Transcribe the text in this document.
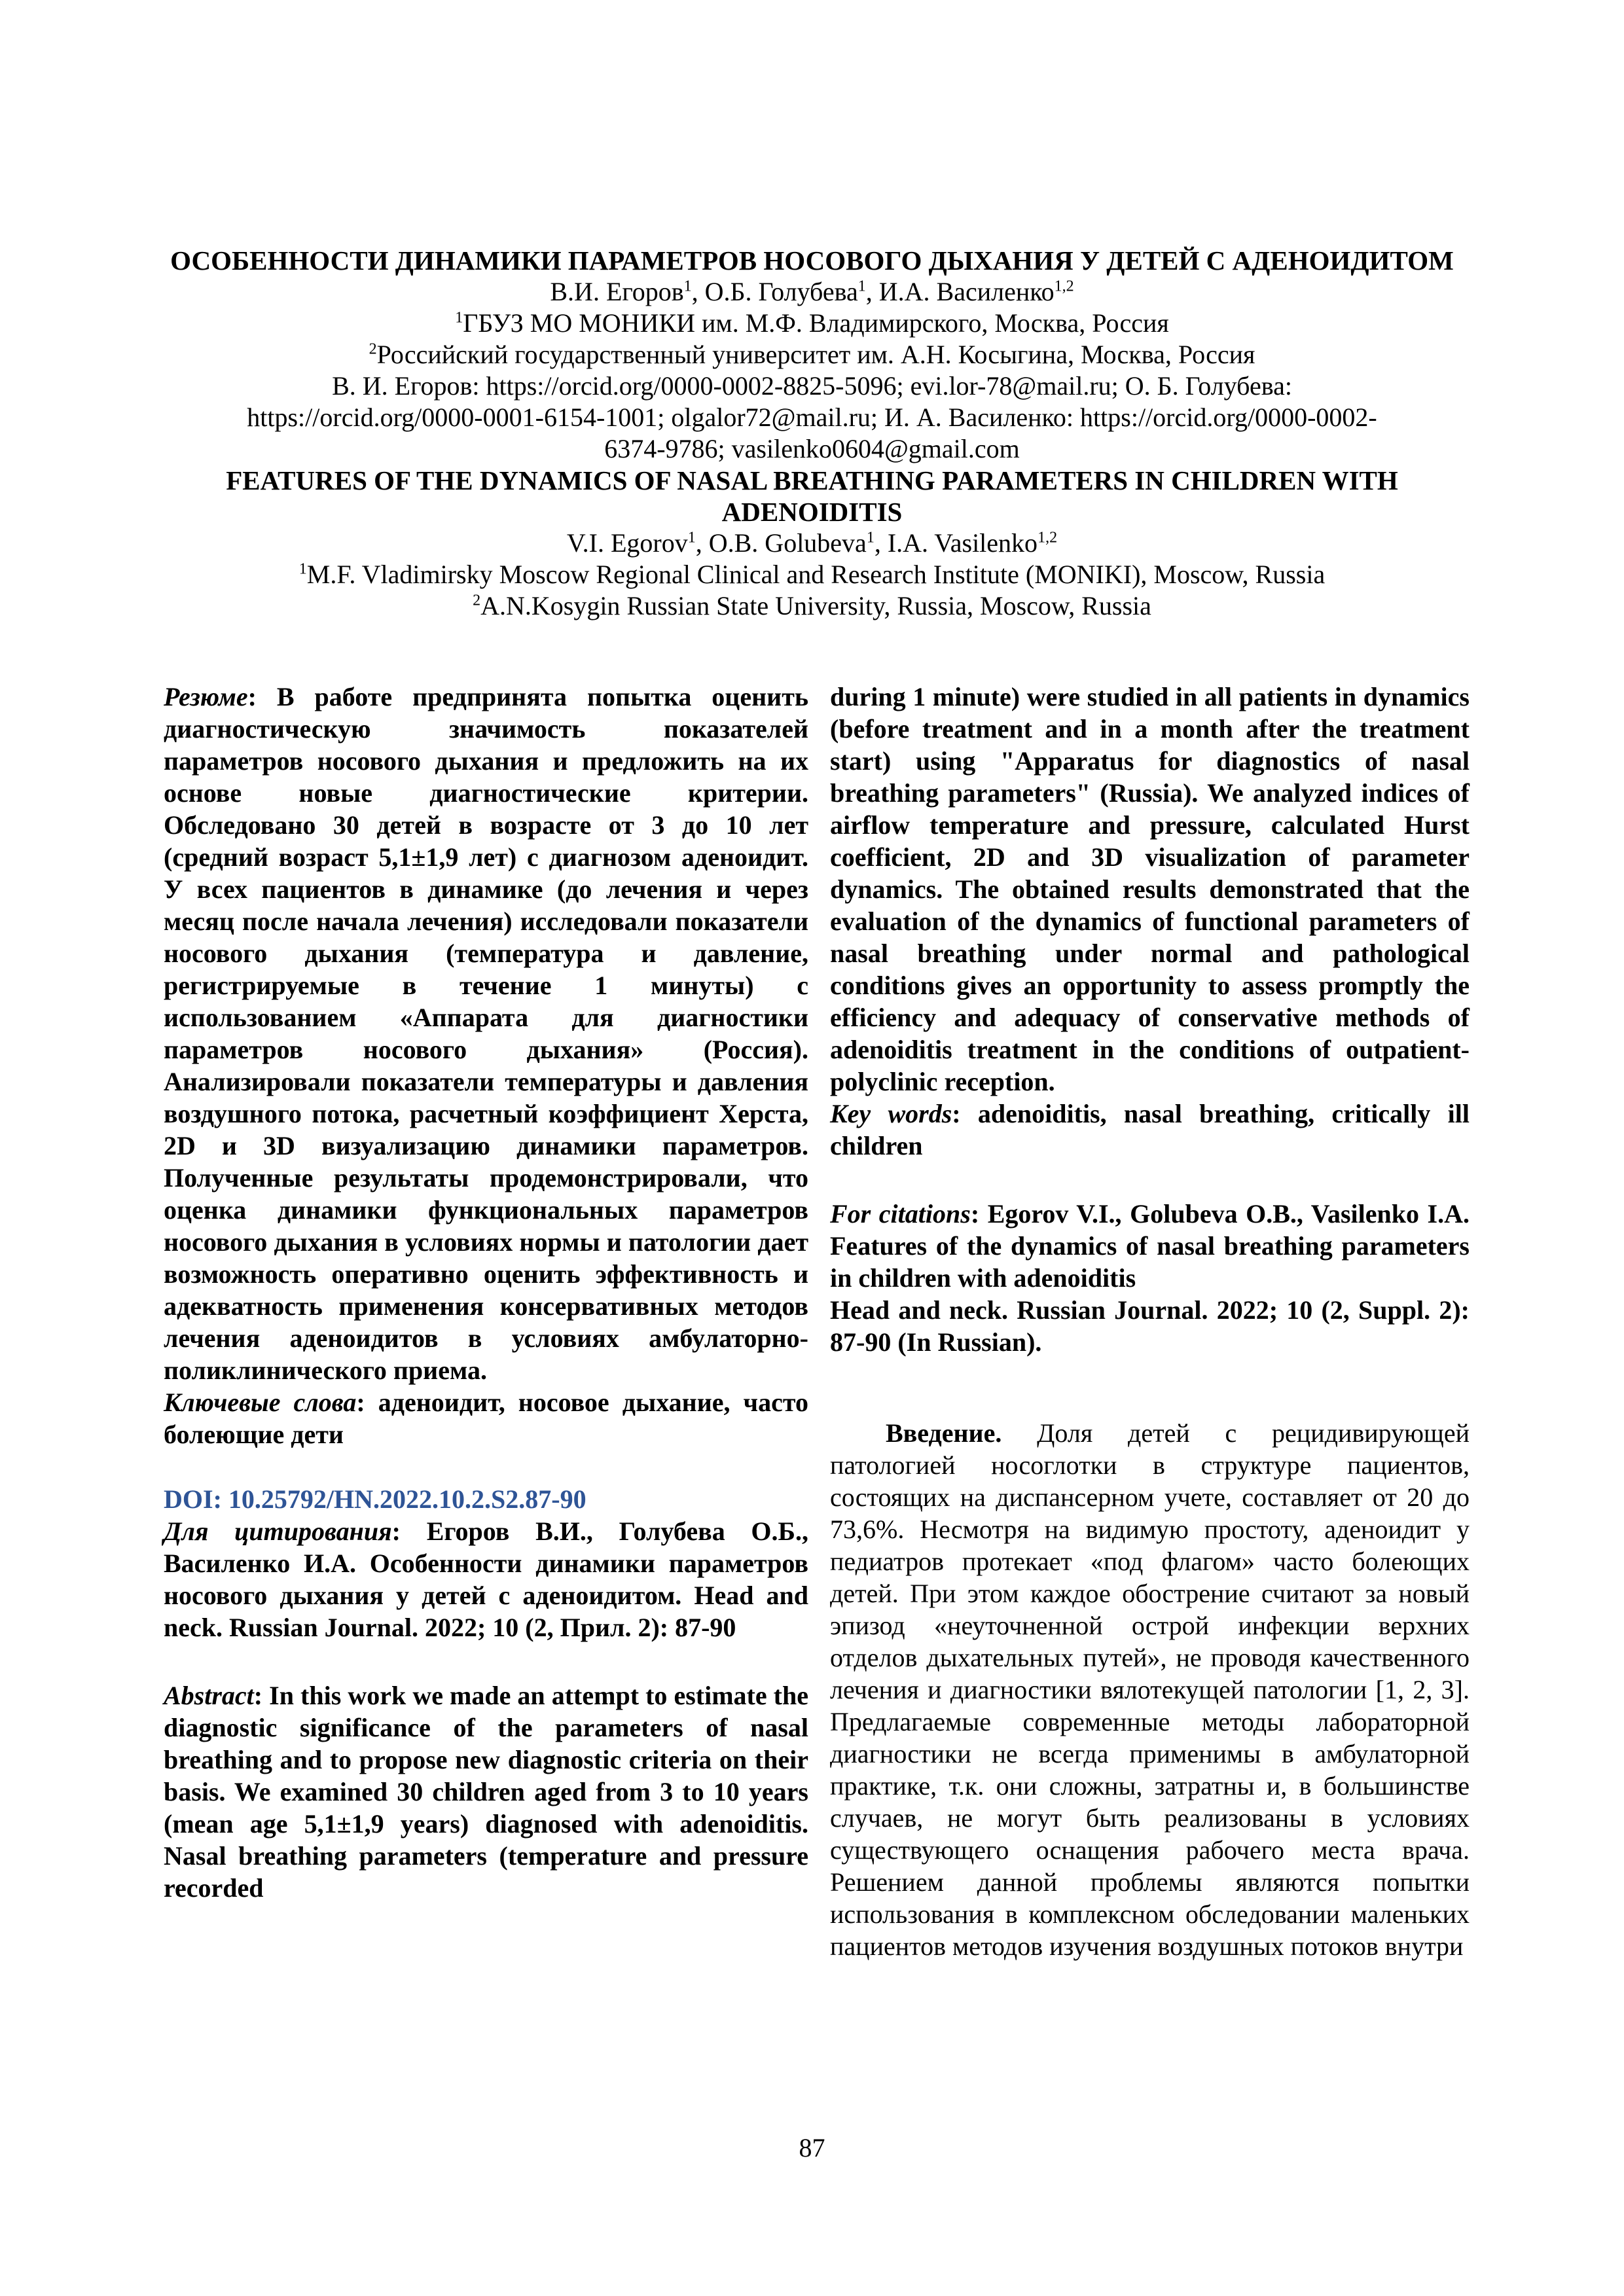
ОСОБЕННОСТИ ДИНАМИКИ ПАРАМЕТРОВ НОСОВОГО ДЫХАНИЯ У ДЕТЕЙ С АДЕНОИДИТОМ
В.И. Егоров$^1$, О.Б. Голубева$^1$, И.А. Василенко$^{1,2}$
$^1$ГБУЗ МО МОНИКИ им. М.Ф. Владимирского, Москва, Россия
$^2$Российский государственный университет им. А.Н. Косыгина, Москва, Россия
В. И. Егоров: https://orcid.org/0000-0002-8825-5096; evi.lor-78@mail.ru; О. Б. Голубева:
https://orcid.org/0000-0001-6154-1001; olgalor72@mail.ru; И. А. Василенко: https://orcid.org/0000-0002-
6374-9786; vasilenko0604@gmail.com
FEATURES OF THE DYNAMICS OF NASAL BREATHING PARAMETERS IN CHILDREN WITH ADENOIDITIS
V.I. Egorov$^1$, O.B. Golubeva$^1$, I.A. Vasilenko$^{1,2}$
$^1$M.F. Vladimirsky Moscow Regional Clinical and Research Institute (MONIKI), Moscow, Russia
$^2$A.N.Kosygin Russian State University, Russia, Moscow, Russia

Резюме: В работе предпринята попытка оценить диагностическую значимость показателей параметров носового дыхания и предложить на их основе новые диагностические критерии. Обследовано 30 детей в возрасте от 3 до 10 лет (средний возраст 5,1±1,9 лет) с диагнозом аденоидит. У всех пациентов в динамике (до лечения и через месяц после начала лечения) исследовали показатели носового дыхания (температура и давление, регистрируемые в течение 1 минуты) с использованием «Аппарата для диагностики параметров носового дыхания» (Россия). Анализировали показатели температуры и давления воздушного потока, расчетный коэффициент Херста, 2D и 3D визуализацию динамики параметров. Полученные результаты продемонстрировали, что оценка динамики функциональных параметров носового дыхания в условиях нормы и патологии дает возможность оперативно оценить эффективность и адекватность применения консервативных методов лечения аденоидитов в условиях амбулаторно-поликлинического приема.

Ключевые слова: аденоидит, носовое дыхание, часто болеющие дети

DOI: 10.25792/HN.2022.10.2.S2.87-90

Для цитирования: Егоров В.И., Голубева О.Б., Василенко И.А. Особенности динамики параметров носового дыхания у детей с аденоидитом. Head and neck. Russian Journal. 2022; 10 (2, Прил. 2): 87-90

Abstract: In this work we made an attempt to estimate the diagnostic significance of the parameters of nasal breathing and to propose new diagnostic criteria on their basis. We examined 30 children aged from 3 to 10 years (mean age 5,1±1,9 years) diagnosed with adenoiditis. Nasal breathing parameters (temperature and pressure recorded

during 1 minute) were studied in all patients in dynamics (before treatment and in a month after the treatment start) using "Apparatus for diagnostics of nasal breathing parameters" (Russia). We analyzed indices of airflow temperature and pressure, calculated Hurst coefficient, 2D and 3D visualization of parameter dynamics. The obtained results demonstrated that the evaluation of the dynamics of functional parameters of nasal breathing under normal and pathological conditions gives an opportunity to assess promptly the efficiency and adequacy of conservative methods of adenoiditis treatment in the conditions of outpatient-polyclinic reception.

Key words: adenoiditis, nasal breathing, critically ill children

For citations: Egorov V.I., Golubeva O.B., Vasilenko I.A. Features of the dynamics of nasal breathing parameters in children with adenoiditis
Head and neck. Russian Journal. 2022; 10 (2, Suppl. 2): 87-90 (In Russian).

Введение. Доля детей с рецидивирующей патологией носоглотки в структуре пациентов, состоящих на диспансерном учете, составляет от 20 до 73,6%. Несмотря на видимую простоту, аденоидит у педиатров протекает «под флагом» часто болеющих детей. При этом каждое обострение считают за новый эпизод «неуточненной острой инфекции верхних отделов дыхательных путей», не проводя качественного лечения и диагностики вялотекущей патологии [1, 2, 3]. Предлагаемые современные методы лабораторной диагностики не всегда применимы в амбулаторной практике, т.к. они сложны, затратны и, в большинстве случаев, не могут быть реализованы в условиях существующего оснащения рабочего места врача. Решением данной проблемы являются попытки использования в комплексном обследовании маленьких пациентов методов изучения воздушных потоков внутри

87
